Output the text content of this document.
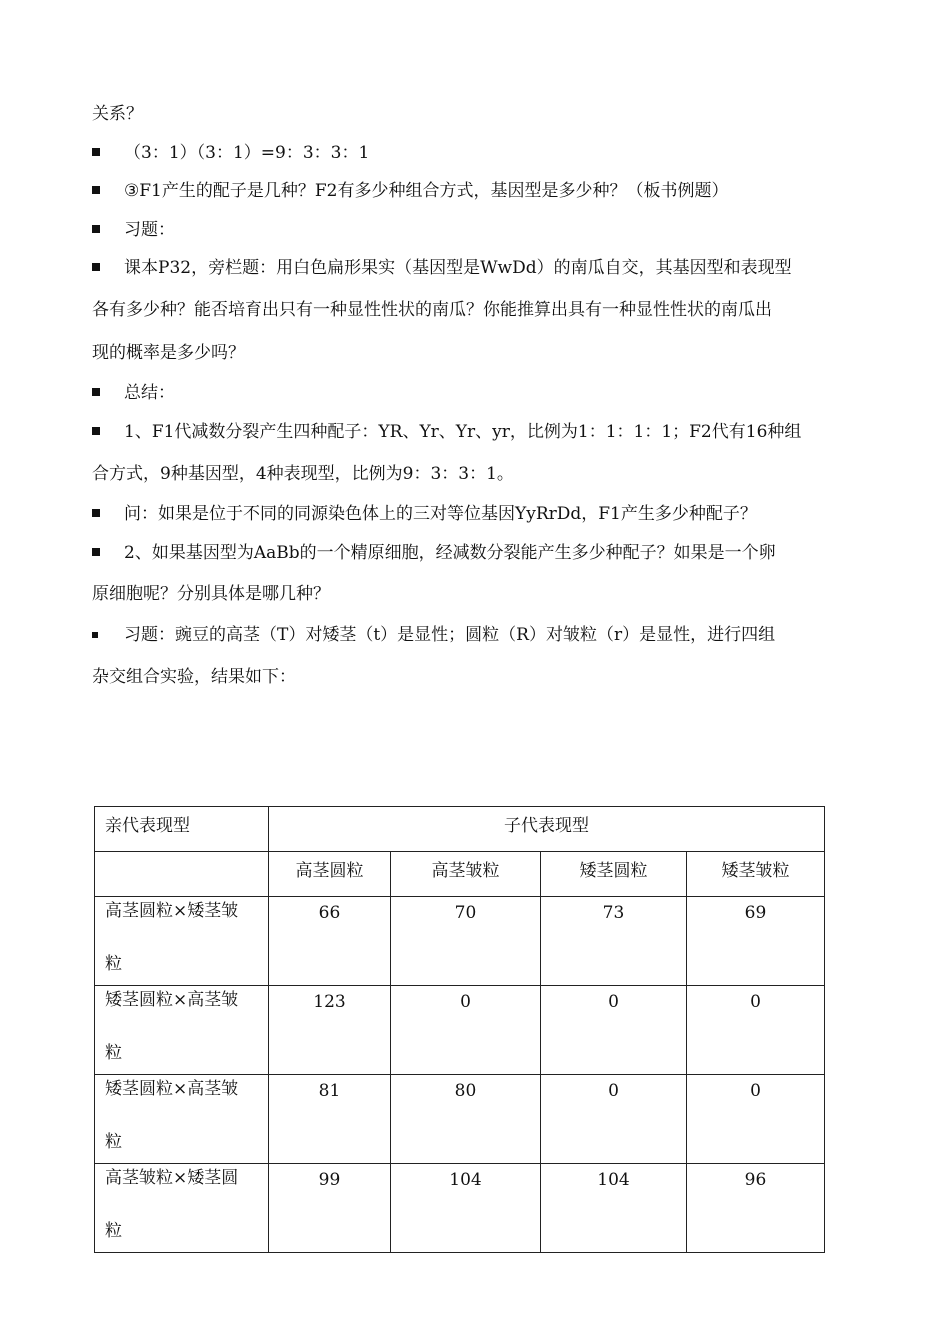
关系？
（3：1）（3：1）=9：3：3：1
③F1产生的配子是几种？F2有多少种组合方式，基因型是多少种？（板书例题）
习题：
课本P32，旁栏题：用白色扁形果实（基因型是WwDd）的南瓜自交，其基因型和表现型
各有多少种？能否培育出只有一种显性性状的南瓜？你能推算出具有一种显性性状的南瓜出
现的概率是多少吗？
总结：
1、F1代减数分裂产生四种配子：YR、Yr、Yr、yr，比例为1：1：1：1；F2代有16种组
合方式，9种基因型，4种表现型，比例为9：3：3：1。
问：如果是位于不同的同源染色体上的三对等位基因YyRrDd，F1产生多少种配子？
2、如果基因型为AaBb的一个精原细胞，经减数分裂能产生多少种配子？如果是一个卵
原细胞呢？分别具体是哪几种？
习题：豌豆的高茎（T）对矮茎（t）是显性；圆粒（R）对皱粒（r）是显性，进行四组
杂交组合实验，结果如下：
亲代表现型	子代表现型			
	高茎圆粒	高茎皱粒	矮茎圆粒	矮茎皱粒

高茎圆粒×矮茎皱
粒	66	70	73	69

矮茎圆粒×高茎皱
粒	123	0	0	0

矮茎圆粒×高茎皱
粒	81	80	0	0

高茎皱粒×矮茎圆
粒	99	104	104	96
